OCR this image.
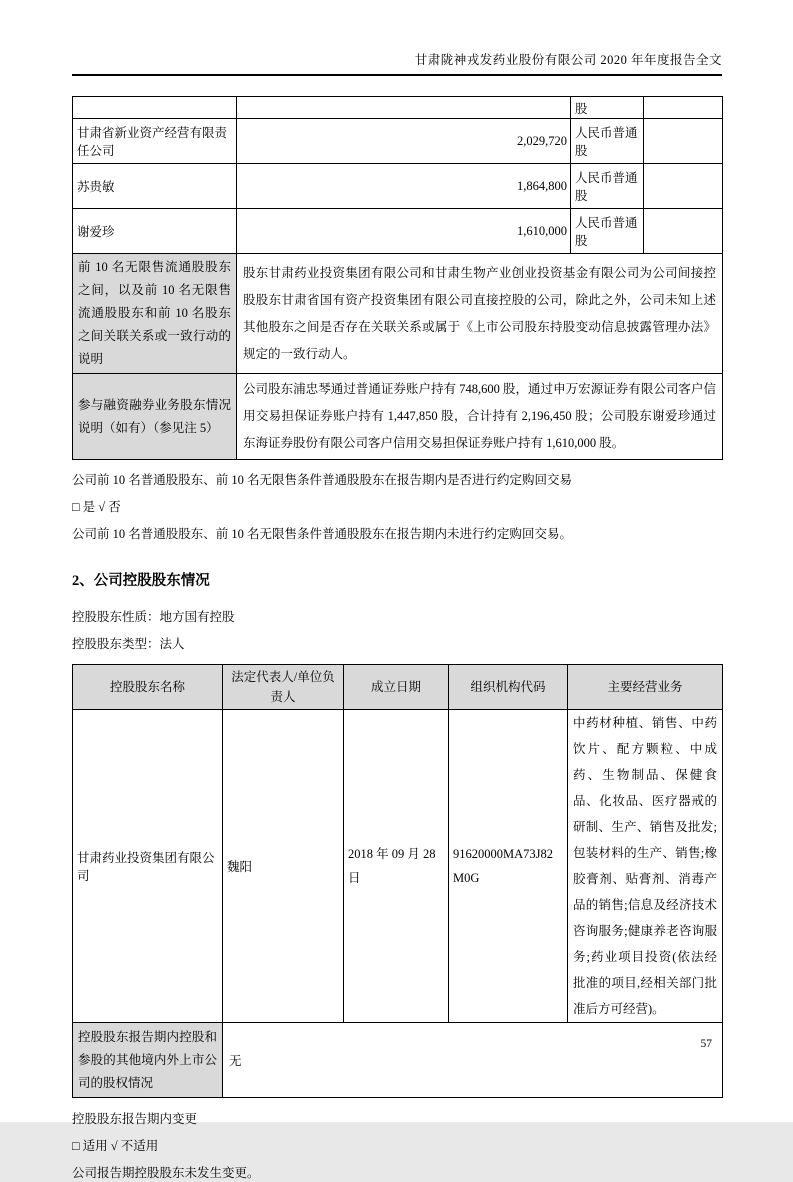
甘肃陇神戎发药业股份有限公司 2020 年年度报告全文
		股	
甘肃省新业资产经营有限责任公司	2,029,720	人民币普通股	
苏贵敏	1,864,800	人民币普通股	
谢爱珍	1,610,000	人民币普通股	
前 10 名无限售流通股股东之间，以及前 10 名无限售流通股股东和前 10 名股东之间关联关系或一致行动的说明	股东甘肃药业投资集团有限公司和甘肃生物产业创业投资基金有限公司为公司间接控股股东甘肃省国有资产投资集团有限公司直接控股的公司，除此之外，公司未知上述其他股东之间是否存在关联关系或属于《上市公司股东持股变动信息披露管理办法》规定的一致行动人。		
参与融资融券业务股东情况说明（如有）（参见注 5）	公司股东浦忠琴通过普通证券账户持有 748,600 股，通过申万宏源证券有限公司客户信用交易担保证券账户持有 1,447,850 股，合计持有 2,196,450 股；公司股东谢爱珍通过东海证券股份有限公司客户信用交易担保证券账户持有 1,610,000 股。		
公司前 10 名普通股股东、前 10 名无限售条件普通股股东在报告期内是否进行约定购回交易
□ 是 √ 否
公司前 10 名普通股股东、前 10 名无限售条件普通股股东在报告期内未进行约定购回交易。
2、公司控股股东情况
控股股东性质：地方国有控股
控股股东类型：法人
控股股东名称	法定代表人/单位负责人	成立日期	组织机构代码	主要经营业务
甘肃药业投资集团有限公司	魏阳	2018 年 09 月 28 日	91620000MA73J82M0G	中药材种植、销售、中药饮片、配方颗粒、中成药、生物制品、保健食品、化妆品、医疗器戒的研制、生产、销售及批发;包装材料的生产、销售;橡胶膏剂、贴膏剂、消毒产品的销售;信息及经济技术咨询服务;健康养老咨询服务;药业项目投资(依法经批准的项目,经相关部门批准后方可经营)。
控股股东报告期内控股和参股的其他境内外上市公司的股权情况	无			
控股股东报告期内变更
□ 适用 √ 不适用
公司报告期控股股东未发生变更。
57
